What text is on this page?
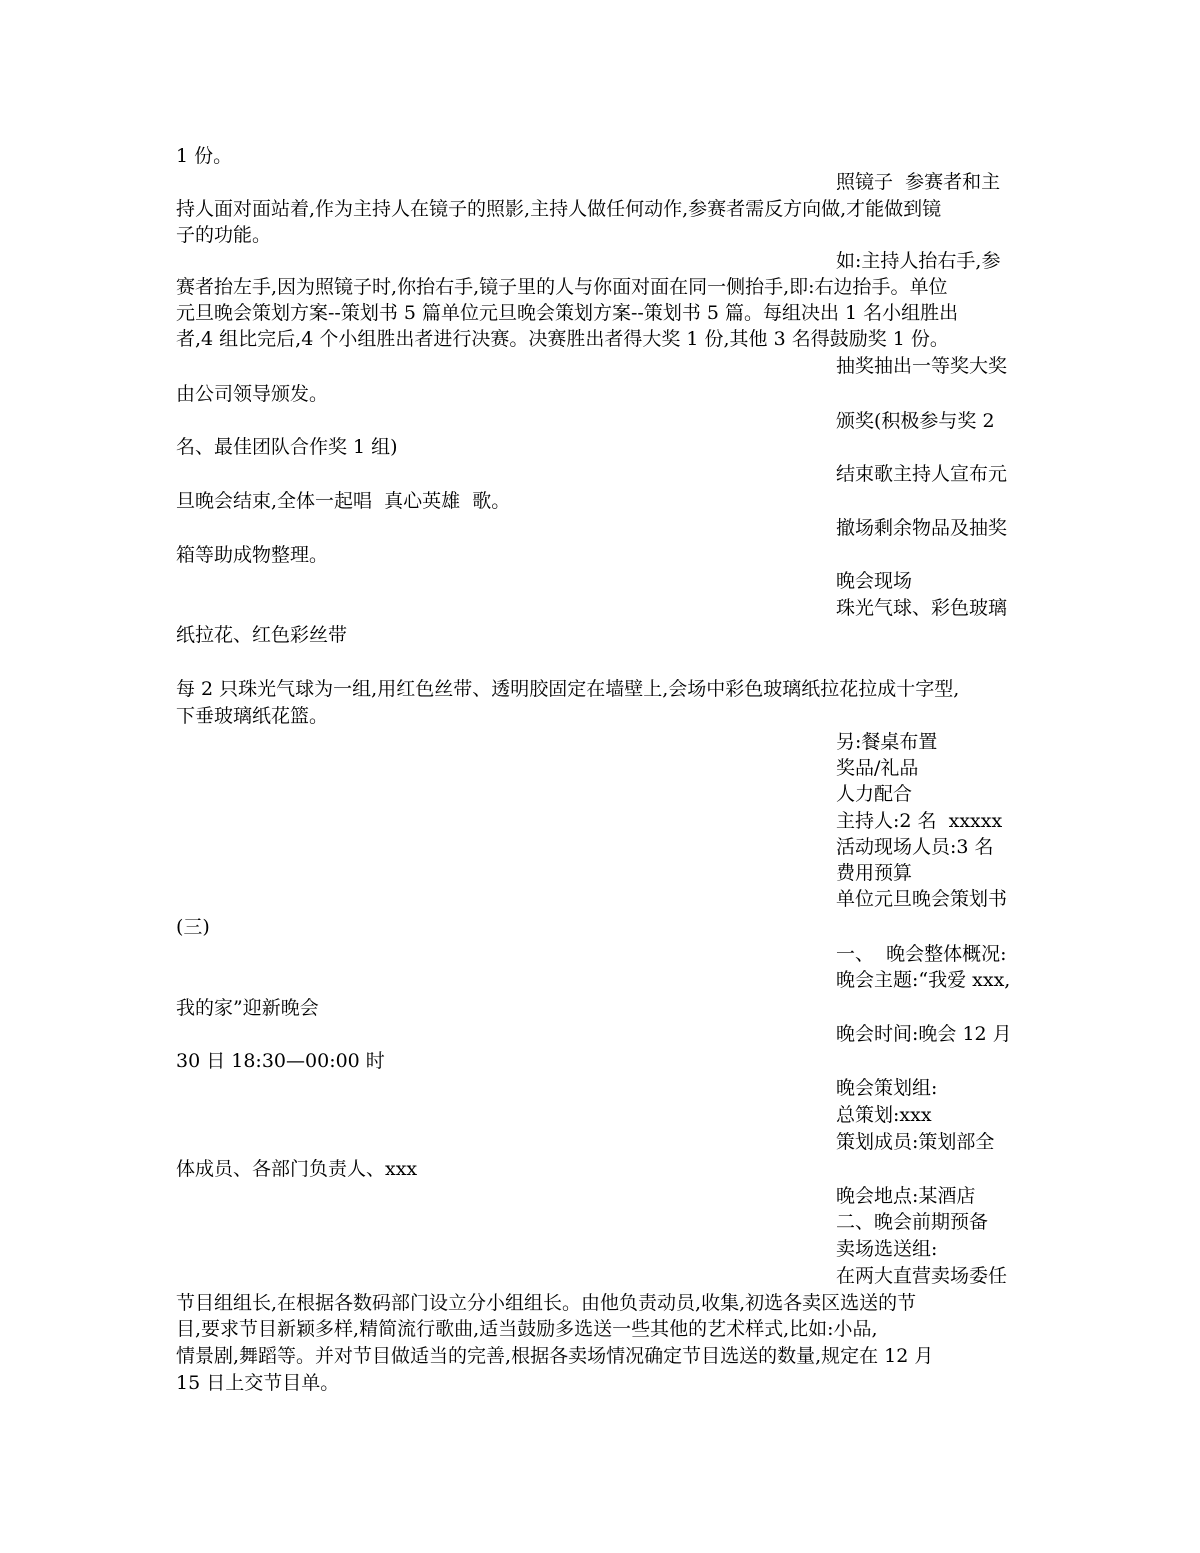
1 份。
照镜子  参赛者和主
持人面对面站着,作为主持人在镜子的照影,主持人做任何动作,参赛者需反方向做,才能做到镜
子的功能。
如:主持人抬右手,参
赛者抬左手,因为照镜子时,你抬右手,镜子里的人与你面对面在同一侧抬手,即:右边抬手。单位
元旦晚会策划方案--策划书 5 篇单位元旦晚会策划方案--策划书 5 篇。每组决出 1 名小组胜出
者,4 组比完后,4 个小组胜出者进行决赛。决赛胜出者得大奖 1 份,其他 3 名得鼓励奖 1 份。
抽奖抽出一等奖大奖
由公司领导颁发。
颁奖(积极参与奖 2
名、最佳团队合作奖 1 组)
结束歌主持人宣布元
旦晚会结束,全体一起唱  真心英雄  歌。
撤场剩余物品及抽奖
箱等助成物整理。
晚会现场
珠光气球、彩色玻璃
纸拉花、红色彩丝带
每 2 只珠光气球为一组,用红色丝带、透明胶固定在墙壁上,会场中彩色玻璃纸拉花拉成十字型,
下垂玻璃纸花篮。
另:餐桌布置
奖品/礼品
人力配合
主持人:2 名  xxxxx
活动现场人员:3 名
费用预算
单位元旦晚会策划书
(三)
一、  晚会整体概况:
晚会主题:“我爱 xxx,
我的家”迎新晚会
晚会时间:晚会 12 月
30 日 18:30—00:00 时
晚会策划组:
总策划:xxx
策划成员:策划部全
体成员、各部门负责人、xxx
晚会地点:某酒店
二、晚会前期预备
卖场选送组:
在两大直营卖场委任
节目组组长,在根据各数码部门设立分小组组长。由他负责动员,收集,初选各卖区选送的节
目,要求节目新颖多样,精简流行歌曲,适当鼓励多选送一些其他的艺术样式,比如:小品,
情景剧,舞蹈等。并对节目做适当的完善,根据各卖场情况确定节目选送的数量,规定在 12 月
15 日上交节目单。
